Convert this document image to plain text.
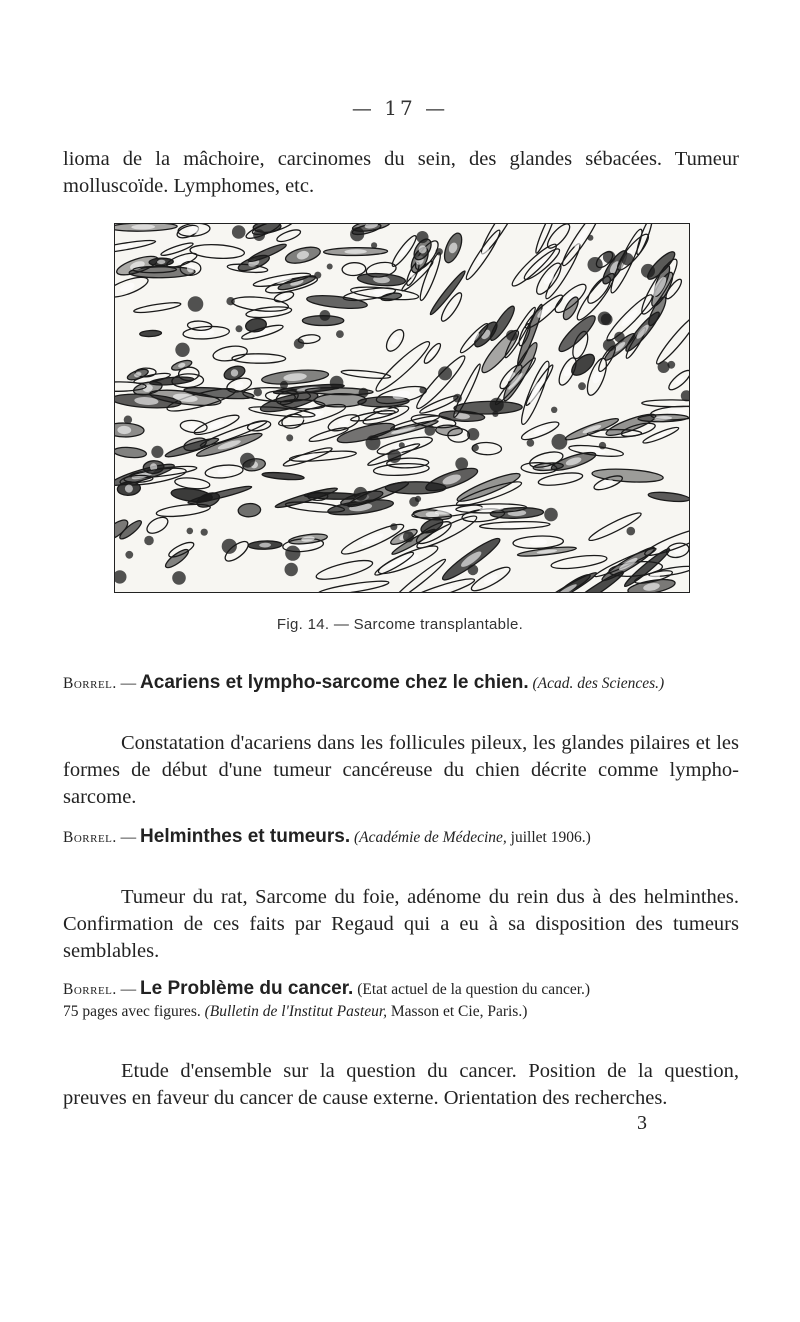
— 17 —
lioma de la mâchoire, carcinomes du sein, des glandes sébacées. Tumeur molluscoïde. Lymphomes, etc.
Fig. 14. — Sarcome transplantable.
Borrel. — Acariens et lympho-sarcome chez le chien. (Acad. des Sciences.)
Constatation d'acariens dans les follicules pileux, les glandes pilaires et les formes de début d'une tumeur cancéreuse du chien décrite comme lympho-sarcome.
Borrel. — Helminthes et tumeurs. (Académie de Médecine, juillet 1906.)
Tumeur du rat, Sarcome du foie, adénome du rein dus à des helminthes. Confirmation de ces faits par Regaud qui a eu à sa disposition des tumeurs semblables.
Borrel. — Le Problème du cancer. (Etat actuel de la question du cancer.)
75 pages avec figures. (Bulletin de l'Institut Pasteur, Masson et Cie, Paris.)
Etude d'ensemble sur la question du cancer. Position de la question, preuves en faveur du cancer de cause externe. Orientation des recherches.
3
